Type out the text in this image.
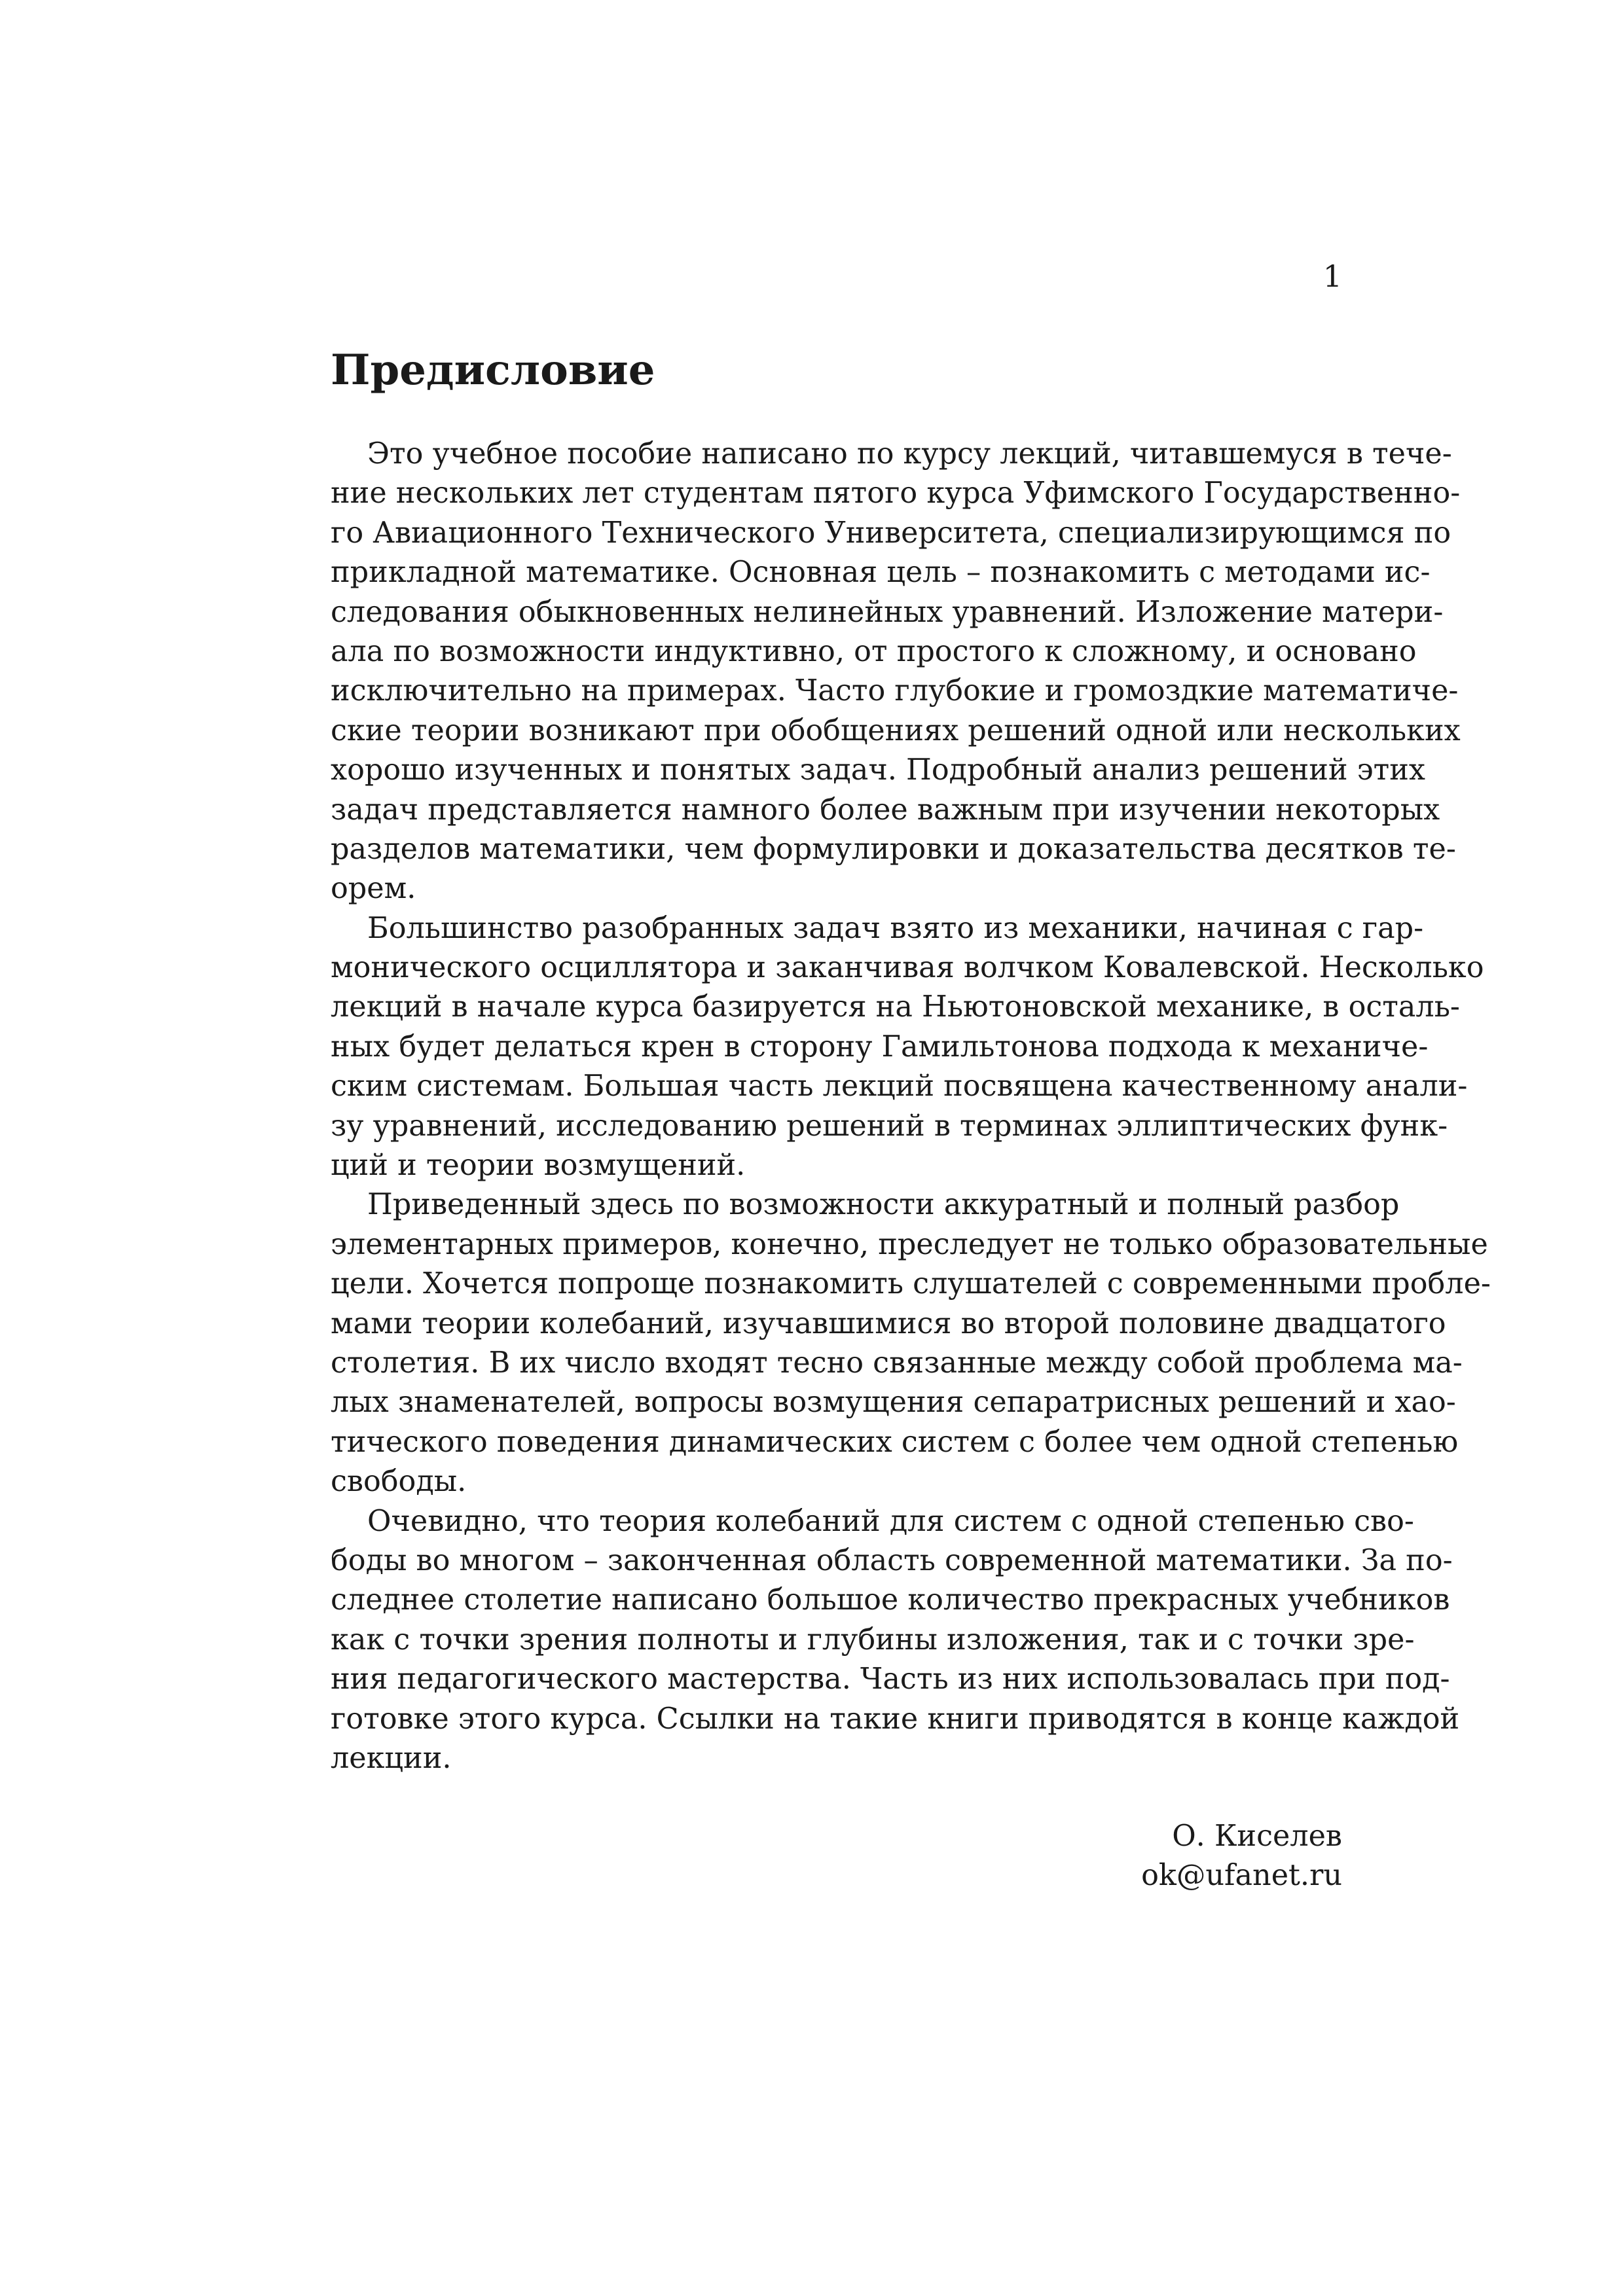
1
Предисловие

Это учебное пособие написано по курсу лекций, читавшемуся в тече-
ние нескольких лет студентам пятого курса Уфимского Государственно-
го Авиационного Технического Университета, специализирующимся по
прикладной математике. Основная цель – познакомить с методами ис-
следования обыкновенных нелинейных уравнений. Изложение матери-
ала по возможности индуктивно, от простого к сложному, и основано
исключительно на примерах. Часто глубокие и громоздкие математиче-
ские теории возникают при обобщениях решений одной или нескольких
хорошо изученных и понятых задач. Подробный анализ решений этих
задач представляется намного более важным при изучении некоторых
разделов математики, чем формулировки и доказательства десятков те-
орем.

Большинство разобранных задач взято из механики, начиная с гар-
монического осциллятора и заканчивая волчком Ковалевской. Несколько
лекций в начале курса базируется на Ньютоновской механике, в осталь-
ных будет делаться крен в сторону Гамильтонова подхода к механиче-
ским системам. Большая часть лекций посвящена качественному анали-
зу уравнений, исследованию решений в терминах эллиптических функ-
ций и теории возмущений.

Приведенный здесь по возможности аккуратный и полный разбор
элементарных примеров, конечно, преследует не только образовательные
цели. Хочется попроще познакомить слушателей с современными пробле-
мами теории колебаний, изучавшимися во второй половине двадцатого
столетия. В их число входят тесно связанные между собой проблема ма-
лых знаменателей, вопросы возмущения сепаратрисных решений и хао-
тического поведения динамических систем с более чем одной степенью
свободы.

Очевидно, что теория колебаний для систем с одной степенью сво-
боды во многом – законченная область современной математики. За по-
следнее столетие написано большое количество прекрасных учебников
как с точки зрения полноты и глубины изложения, так и с точки зре-
ния педагогического мастерства. Часть из них использовалась при под-
готовке этого курса. Ссылки на такие книги приводятся в конце каждой
лекции.

О. Киселев
ok@ufanet.ru
